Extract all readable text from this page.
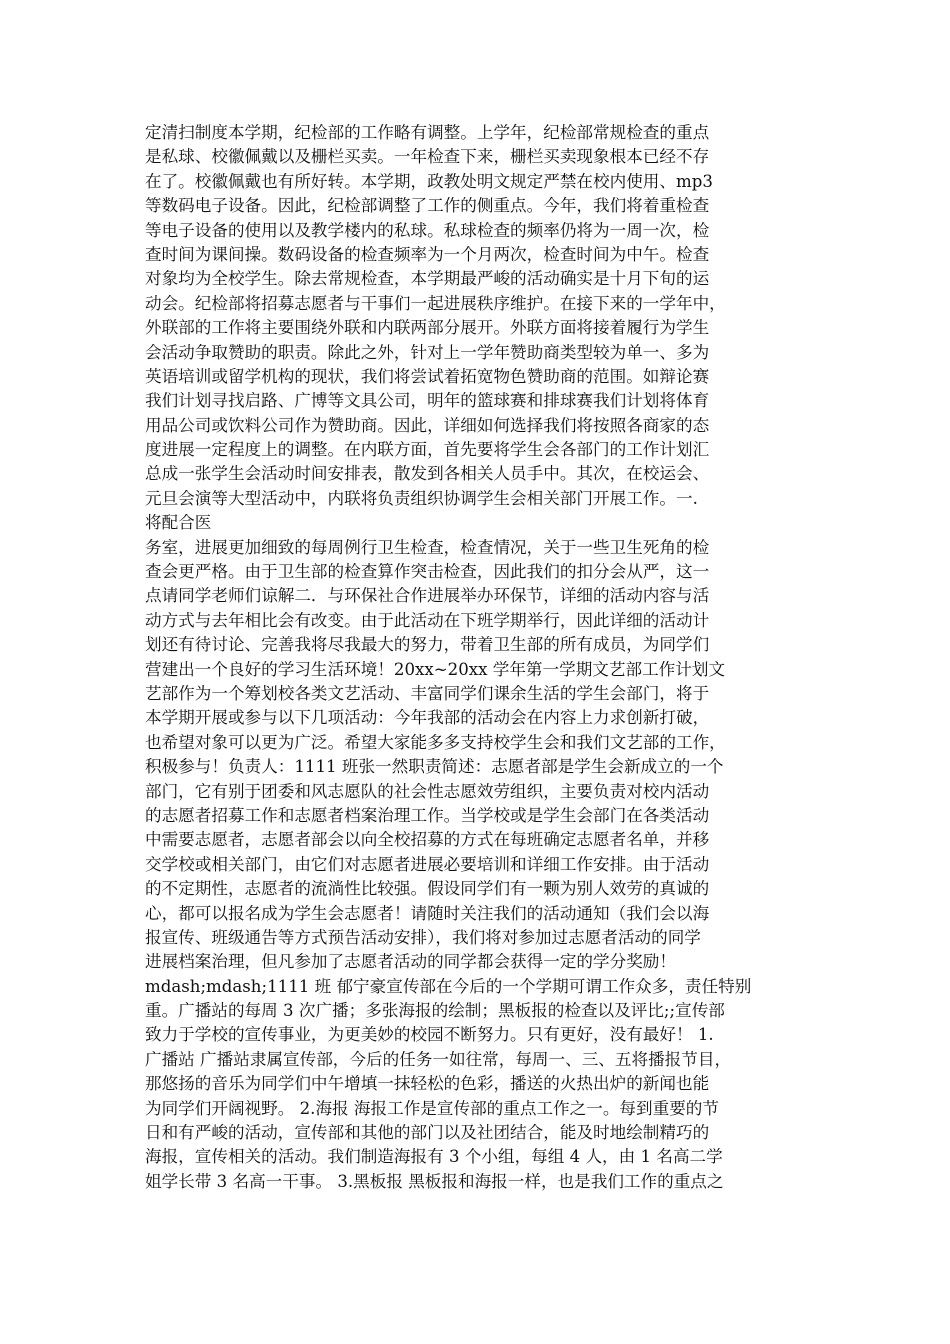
定清扫制度本学期，纪检部的工作略有调整。上学年，纪检部常规检查的重点
是私球、校徽佩戴以及栅栏买卖。一年检查下来，栅栏买卖现象根本已经不存
在了。校徽佩戴也有所好转。本学期，政教处明文规定严禁在校内使用、mp3
等数码电子设备。因此，纪检部调整了工作的侧重点。今年，我们将着重检查
等电子设备的使用以及教学楼内的私球。私球检查的频率仍将为一周一次，检
查时间为课间操。数码设备的检查频率为一个月两次，检查时间为中午。检查
对象均为全校学生。除去常规检查，本学期最严峻的活动确实是十月下旬的运
动会。纪检部将招募志愿者与干事们一起进展秩序维护。在接下来的一学年中，
外联部的工作将主要围绕外联和内联两部分展开。外联方面将接着履行为学生
会活动争取赞助的职责。除此之外，针对上一学年赞助商类型较为单一、多为
英语培训或留学机构的现状，我们将尝试着拓宽物色赞助商的范围。如辩论赛
我们计划寻找启路、广博等文具公司，明年的篮球赛和排球赛我们计划将体育
用品公司或饮料公司作为赞助商。因此，详细如何选择我们将按照各商家的态
度进展一定程度上的调整。在内联方面，首先要将学生会各部门的工作计划汇
总成一张学生会活动时间安排表，散发到各相关人员手中。其次，在校运会、
元旦会演等大型活动中，内联将负责组织协调学生会相关部门开展工作。一.
将配合医
务室，进展更加细致的每周例行卫生检查，检查情况，关于一些卫生死角的检
查会更严格。由于卫生部的检查算作突击检查，因此我们的扣分会从严，这一
点请同学老师们谅解二．与环保社合作进展举办环保节，详细的活动内容与活
动方式与去年相比会有改变。由于此活动在下班学期举行，因此详细的活动计
划还有待讨论、完善我将尽我最大的努力，带着卫生部的所有成员，为同学们
营建出一个良好的学习生活环境！20xx~20xx 学年第一学期文艺部工作计划文
艺部作为一个筹划校各类文艺活动、丰富同学们课余生活的学生会部门，将于
本学期开展或参与以下几项活动：今年我部的活动会在内容上力求创新打破，
也希望对象可以更为广泛。希望大家能多多支持校学生会和我们文艺部的工作，
积极参与！负责人：1111 班张一然职责简述：志愿者部是学生会新成立的一个
部门，它有别于团委和风志愿队的社会性志愿效劳组织，主要负责对校内活动
的志愿者招募工作和志愿者档案治理工作。当学校或是学生会部门在各类活动
中需要志愿者，志愿者部会以向全校招募的方式在每班确定志愿者名单，并移
交学校或相关部门，由它们对志愿者进展必要培训和详细工作安排。由于活动
的不定期性，志愿者的流淌性比较强。假设同学们有一颗为别人效劳的真诚的
心，都可以报名成为学生会志愿者！请随时关注我们的活动通知（我们会以海
报宣传、班级通告等方式预告活动安排），我们将对参加过志愿者活动的同学
进展档案治理，但凡参加了志愿者活动的同学都会获得一定的学分奖励！
mdash;mdash;1111 班 郁宁豪宣传部在今后的一个学期可谓工作众多，责任特别
重。广播站的每周 3 次广播；多张海报的绘制；黑板报的检查以及评比;;宣传部
致力于学校的宣传事业，为更美妙的校园不断努力。只有更好，没有最好！ 1.
广播站 广播站隶属宣传部，今后的任务一如往常，每周一、三、五将播报节目，
那悠扬的音乐为同学们中午增填一抹轻松的色彩，播送的火热出炉的新闻也能
为同学们开阔视野。 2.海报 海报工作是宣传部的重点工作之一。每到重要的节
日和有严峻的活动，宣传部和其他的部门以及社团结合，能及时地绘制精巧的
海报，宣传相关的活动。我们制造海报有 3 个小组，每组 4 人，由 1 名高二学
姐学长带 3 名高一干事。 3.黑板报 黑板报和海报一样，也是我们工作的重点之
